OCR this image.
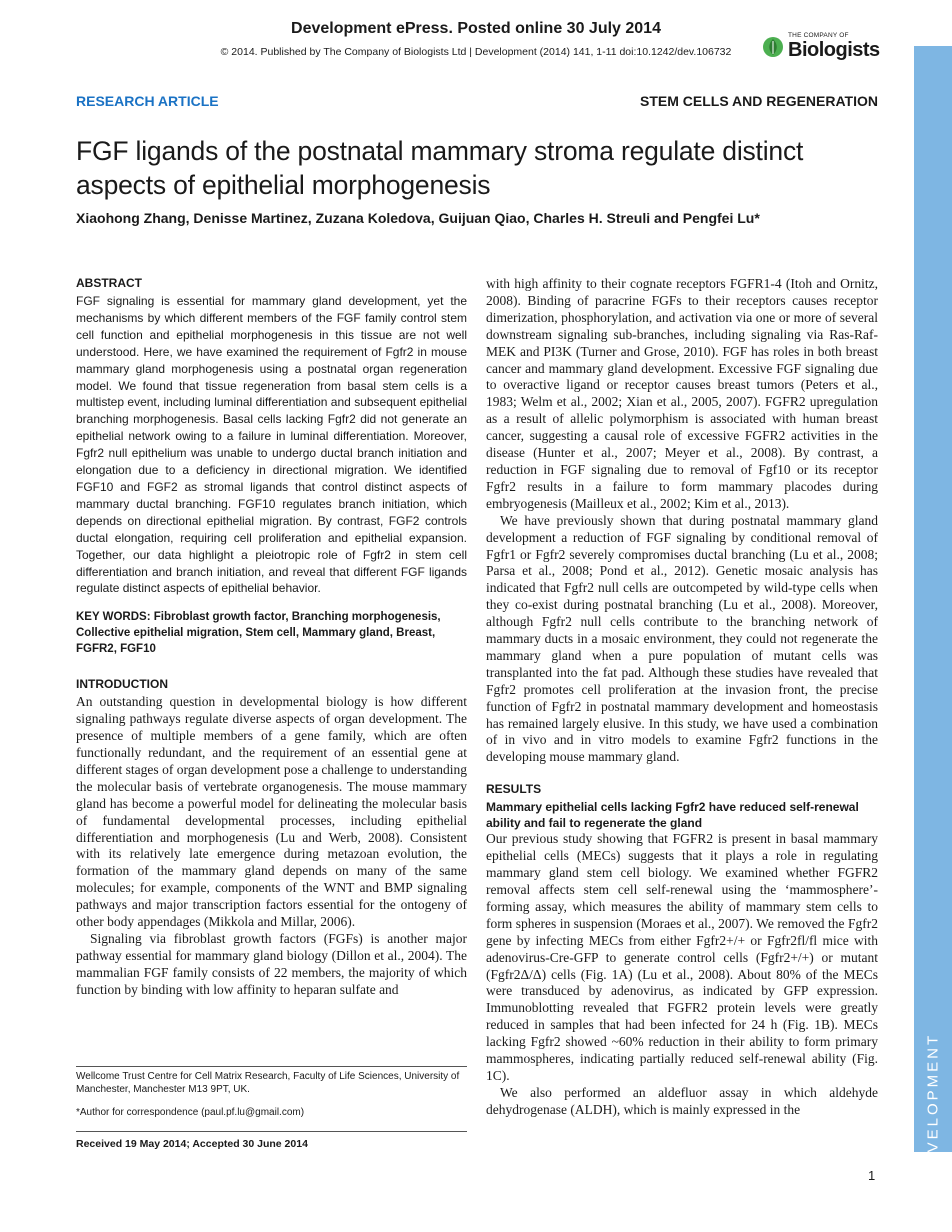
Development ePress. Posted online 30 July 2014
© 2014. Published by The Company of Biologists Ltd | Development (2014) 141, 1-11 doi:10.1242/dev.106732
THE COMPANY OF
Biologists
DEVELOPMENT
RESEARCH ARTICLE	STEM CELLS AND REGENERATION
FGF ligands of the postnatal mammary stroma regulate distinct aspects of epithelial morphogenesis
Xiaohong Zhang, Denisse Martinez, Zuzana Koledova, Guijuan Qiao, Charles H. Streuli and Pengfei Lu*
ABSTRACT

FGF signaling is essential for mammary gland development, yet the mechanisms by which different members of the FGF family control stem cell function and epithelial morphogenesis in this tissue are not well understood. Here, we have examined the requirement of Fgfr2 in mouse mammary gland morphogenesis using a postnatal organ regeneration model. We found that tissue regeneration from basal stem cells is a multistep event, including luminal differentiation and subsequent epithelial branching morphogenesis. Basal cells lacking Fgfr2 did not generate an epithelial network owing to a failure in luminal differentiation. Moreover, Fgfr2 null epithelium was unable to undergo ductal branch initiation and elongation due to a deficiency in directional migration. We identified FGF10 and FGF2 as stromal ligands that control distinct aspects of mammary ductal branching. FGF10 regulates branch initiation, which depends on directional epithelial migration. By contrast, FGF2 controls ductal elongation, requiring cell proliferation and epithelial expansion. Together, our data highlight a pleiotropic role of Fgfr2 in stem cell differentiation and branch initiation, and reveal that different FGF ligands regulate distinct aspects of epithelial behavior.

KEY WORDS: Fibroblast growth factor, Branching morphogenesis, Collective epithelial migration, Stem cell, Mammary gland, Breast, FGFR2, FGF10

INTRODUCTION

An outstanding question in developmental biology is how different signaling pathways regulate diverse aspects of organ development. The presence of multiple members of a gene family, which are often functionally redundant, and the requirement of an essential gene at different stages of organ development pose a challenge to understanding the molecular basis of vertebrate organogenesis. The mouse mammary gland has become a powerful model for delineating the molecular basis of fundamental developmental processes, including epithelial differentiation and morphogenesis (Lu and Werb, 2008). Consistent with its relatively late emergence during metazoan evolution, the formation of the mammary gland depends on many of the same molecules; for example, components of the WNT and BMP signaling pathways and major transcription factors essential for the ontogeny of other body appendages (Mikkola and Millar, 2006).

Signaling via fibroblast growth factors (FGFs) is another major pathway essential for mammary gland biology (Dillon et al., 2004). The mammalian FGF family consists of 22 members, the majority of which function by binding with low affinity to heparan sulfate and

with high affinity to their cognate receptors FGFR1-4 (Itoh and Ornitz, 2008). Binding of paracrine FGFs to their receptors causes receptor dimerization, phosphorylation, and activation via one or more of several downstream signaling sub-branches, including signaling via Ras-Raf-MEK and PI3K (Turner and Grose, 2010). FGF has roles in both breast cancer and mammary gland development. Excessive FGF signaling due to overactive ligand or receptor causes breast tumors (Peters et al., 1983; Welm et al., 2002; Xian et al., 2005, 2007). FGFR2 upregulation as a result of allelic polymorphism is associated with human breast cancer, suggesting a causal role of excessive FGFR2 activities in the disease (Hunter et al., 2007; Meyer et al., 2008). By contrast, a reduction in FGF signaling due to removal of Fgf10 or its receptor Fgfr2 results in a failure to form mammary placodes during embryogenesis (Mailleux et al., 2002; Kim et al., 2013).

We have previously shown that during postnatal mammary gland development a reduction of FGF signaling by conditional removal of Fgfr1 or Fgfr2 severely compromises ductal branching (Lu et al., 2008; Parsa et al., 2008; Pond et al., 2012). Genetic mosaic analysis has indicated that Fgfr2 null cells are outcompeted by wild-type cells when they co-exist during postnatal branching (Lu et al., 2008). Moreover, although Fgfr2 null cells contribute to the branching network of mammary ducts in a mosaic environment, they could not regenerate the mammary gland when a pure population of mutant cells was transplanted into the fat pad. Although these studies have revealed that Fgfr2 promotes cell proliferation at the invasion front, the precise function of Fgfr2 in postnatal mammary development and homeostasis has remained largely elusive. In this study, we have used a combination of in vivo and in vitro models to examine Fgfr2 functions in the developing mouse mammary gland.

RESULTS
Mammary epithelial cells lacking Fgfr2 have reduced self-renewal ability and fail to regenerate the gland

Our previous study showing that FGFR2 is present in basal mammary epithelial cells (MECs) suggests that it plays a role in regulating mammary gland stem cell biology. We examined whether FGFR2 removal affects stem cell self-renewal using the ‘mammosphere’-forming assay, which measures the ability of mammary stem cells to form spheres in suspension (Moraes et al., 2007). We removed the Fgfr2 gene by infecting MECs from either Fgfr2+/+ or Fgfr2fl/fl mice with adenovirus-Cre-GFP to generate control cells (Fgfr2+/+) or mutant (Fgfr2Δ/Δ) cells (Fig. 1A) (Lu et al., 2008). About 80% of the MECs were transduced by adenovirus, as indicated by GFP expression. Immunoblotting revealed that FGFR2 protein levels were greatly reduced in samples that had been infected for 24 h (Fig. 1B). MECs lacking Fgfr2 showed ~60% reduction in their ability to form primary mammospheres, indicating partially reduced self-renewal ability (Fig. 1C).

We also performed an aldefluor assay in which aldehyde dehydrogenase (ALDH), which is mainly expressed in the

Wellcome Trust Centre for Cell Matrix Research, Faculty of Life Sciences, University of Manchester, Manchester M13 9PT, UK.

*Author for correspondence (paul.pf.lu@gmail.com)

Received 19 May 2014; Accepted 30 June 2014
1
